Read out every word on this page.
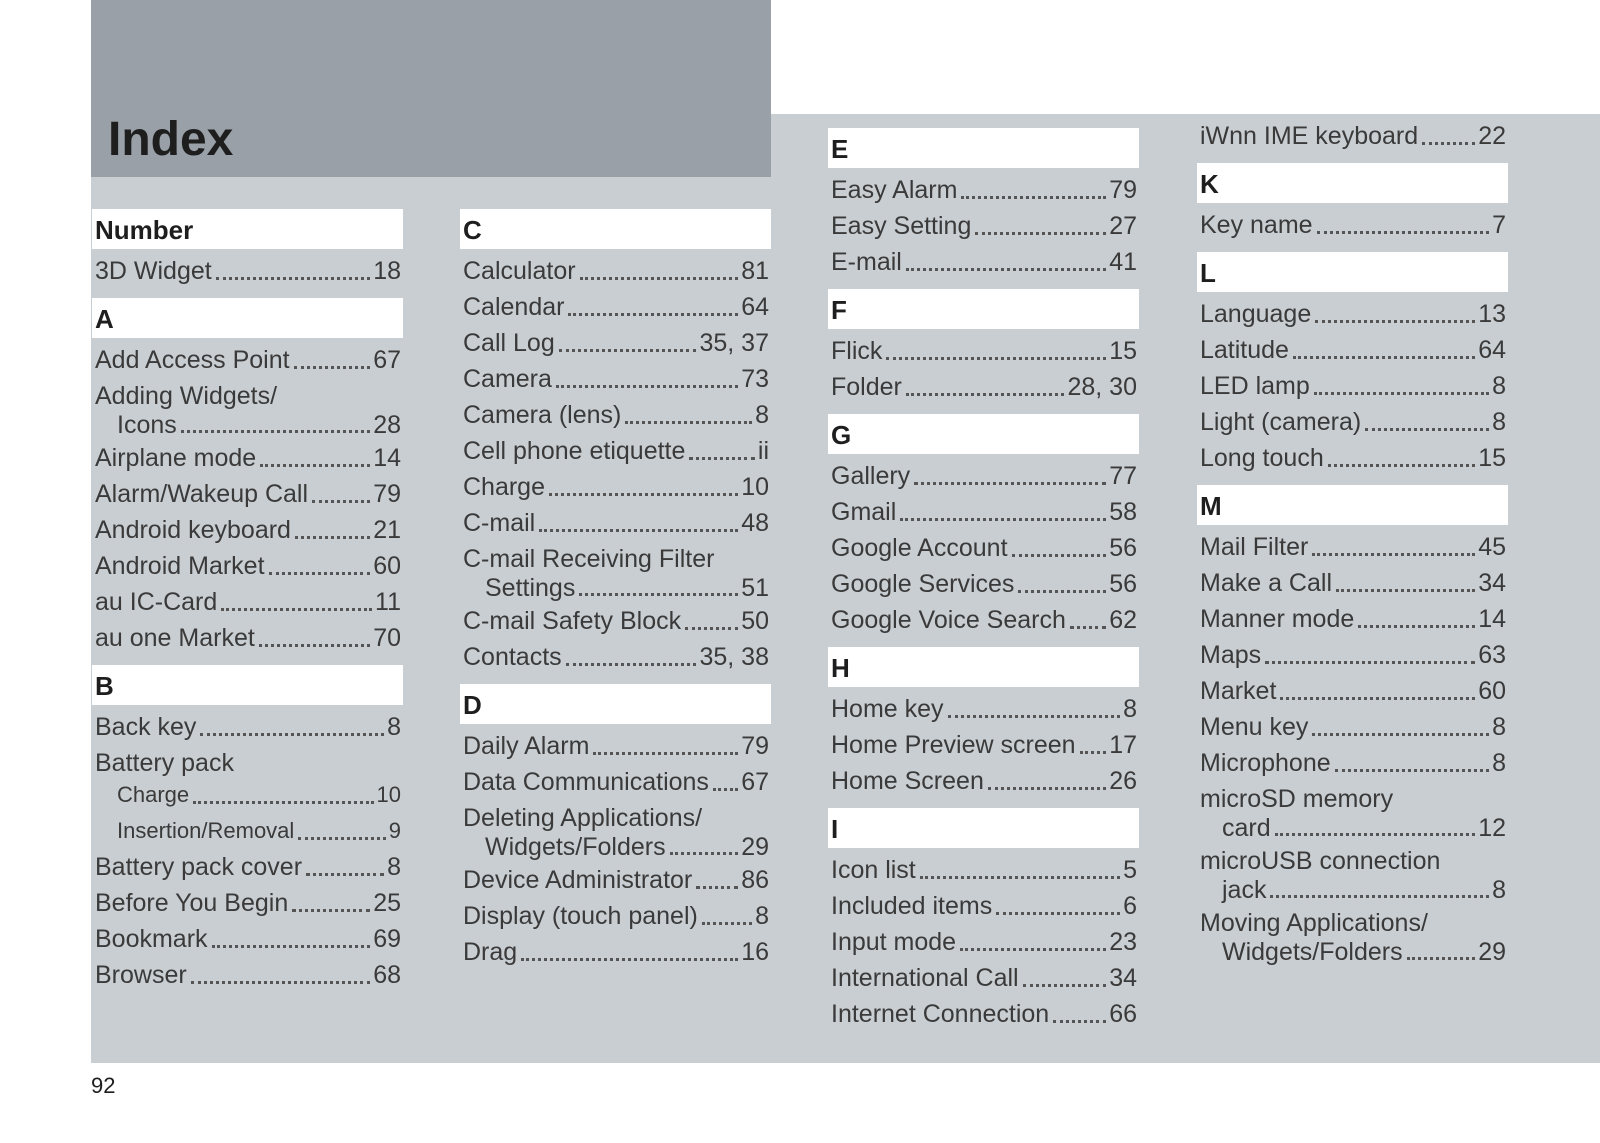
Index
Number
3D Widget	18
A
Add Access Point	67
Adding Widgets/
Icons	28
Airplane mode	14
Alarm/Wakeup Call	79
Android keyboard	21
Android Market	60
au IC-Card	11
au one Market	70
B
Back key	8
Battery pack
Charge	10
Insertion/Removal	9
Battery pack cover	8
Before You Begin	25
Bookmark	69
Browser	68
C
Calculator	81
Calendar	64
Call Log	35, 37
Camera	73
Camera (lens)	8
Cell phone etiquette	ii
Charge	10
C-mail	48
C-mail Receiving Filter
Settings	51
C-mail Safety Block 50
Contacts	35, 38
D
Daily Alarm	79
Data Communications 67
Deleting Applications/
Widgets/Folders	29
Device Administrator 86
Display (touch panel) 8
Drag	16
E
Easy Alarm	79
Easy Setting	27
E-mail	41
F
Flick	15
Folder	28, 30
G
Gallery	77
Gmail	58
Google Account	56
Google Services	56
Google Voice Search 62
H
Home key	8
Home Preview screen 17
Home Screen	26
I
Icon list	5
Included items	6
Input mode	23
International Call	34
Internet Connection 66
iWnn IME keyboard 22
K
Key name	7
L
Language	13
Latitude	64
LED lamp	8
Light (camera)	8
Long touch	15
M
Mail Filter	45
Make a Call	34
Manner mode	14
Maps	63
Market	60
Menu key	8
Microphone	8
microSD memory
card	12
microUSB connection
jack	8
Moving Applications/
Widgets/Folders	29

92
